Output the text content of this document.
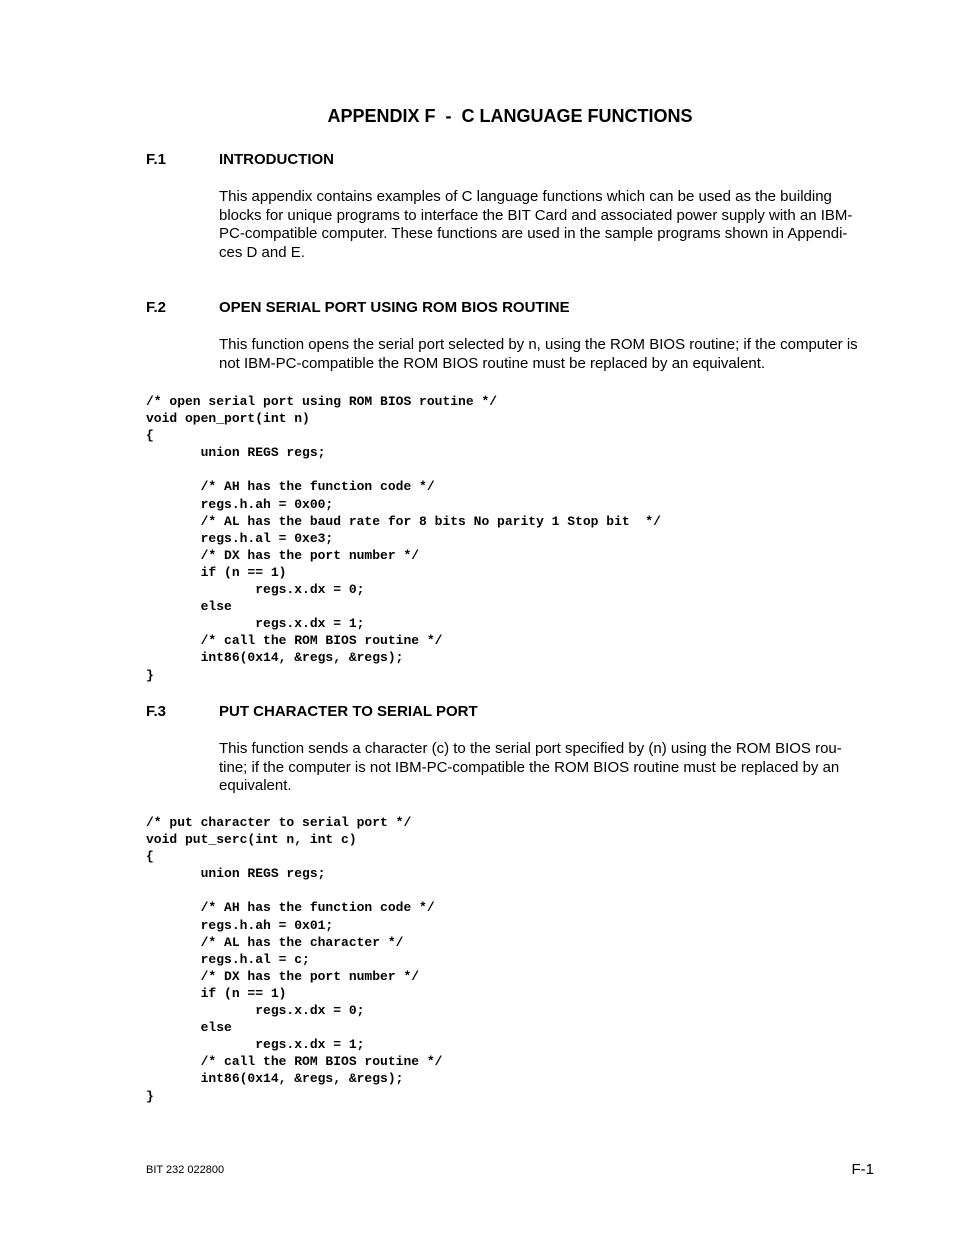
APPENDIX F  -  C LANGUAGE FUNCTIONS
F.1	INTRODUCTION
This appendix contains examples of C language functions which can be used as the building
blocks for unique programs to interface the BIT Card and associated power supply with an IBM-
PC-compatible computer. These functions are used in the sample programs shown in Appendi-
ces D and E.
F.2	OPEN SERIAL PORT USING ROM BIOS ROUTINE
This function opens the serial port selected by n, using the ROM BIOS routine; if the computer is
not IBM-PC-compatible the ROM BIOS routine must be replaced by an equivalent.
/* open serial port using ROM BIOS routine */
void open_port(int n)
{
union REGS regs;
/* AH has the function code */
regs.h.ah = 0x00;
/* AL has the baud rate for 8 bits No parity 1 Stop bit  */
regs.h.al = 0xe3;
/* DX has the port number */
if (n == 1)
regs.x.dx = 0;
else
regs.x.dx = 1;
/* call the ROM BIOS routine */
int86(0x14, &regs, &regs);
}
F.3	PUT CHARACTER TO SERIAL PORT
This function sends a character (c) to the serial port specified by (n) using the ROM BIOS rou-
tine; if the computer is not IBM-PC-compatible the ROM BIOS routine must be replaced by an
equivalent.
/* put character to serial port */
void put_serc(int n, int c)
{
union REGS regs;
/* AH has the function code */
regs.h.ah = 0x01;
/* AL has the character */
regs.h.al = c;
/* DX has the port number */
if (n == 1)
regs.x.dx = 0;
else
regs.x.dx = 1;
/* call the ROM BIOS routine */
int86(0x14, &regs, &regs);
}
BIT 232 022800	F-1
